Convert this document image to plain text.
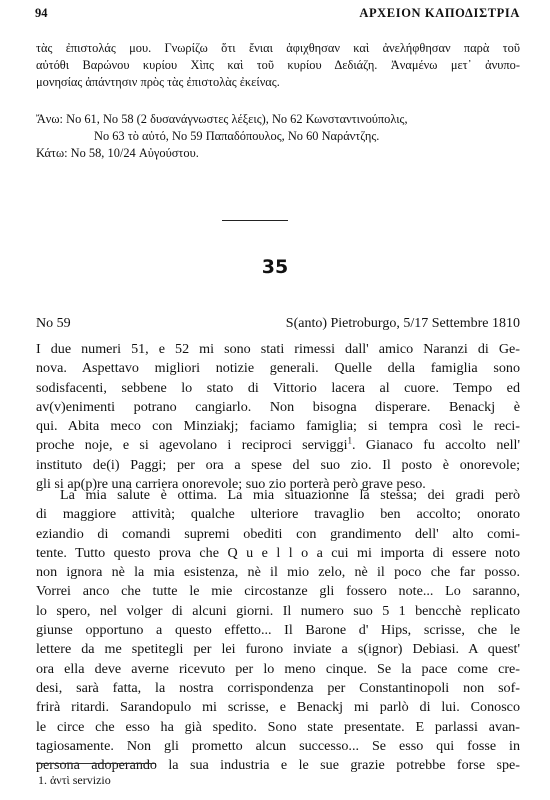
94	ΑΡΧΕΙΟΝ ΚΑΠΟΔΙΣΤΡΙΑ
τὰς ἐπιστολάς μου. Γνωρίζω ὅτι ἔνιαι ἀφιχθησαν καὶ ἀνελήφθησαν παρὰ τοῦ
αὐτόθι Βαρώνου κυρίου Χὶπς καὶ τοῦ κυρίου Δεδιάζη. Ἀναμένω μετ᾽ ἀνυπο-
μονησίας ἀπάντησιν πρὸς τὰς ἐπιστολὰς ἐκείνας.
Ἄνω: No 61, No 58 (2 δυσανάγνωστες λέξεις), No 62 Κωνσταντινούπολις,
No 63 τὸ αὐτό, No 59 Παπαδόπουλος, No 60 Ναράντζης.
Κάτω: No 58, 10/24 Αὐγούστου.
35
No 59	S(anto) Pietroburgo, 5/17 Settembre 1810
I due numeri 51, e 52 mi sono stati rimessi dall' amico Naranzi di Ge-
nova. Aspettavo migliori notizie generali. Quelle della famiglia sono
sodisfacenti, sebbene lo stato di Vittorio lacera al cuore. Tempo ed
av(v)enimenti potrano cangiarlo. Non bisogna disperare. Benackj è
qui. Abita meco con Minziakj; faciamo famiglia; si tempra così le reci-
proche noje, e si agevolano i reciproci serviggi$^1$. Gianaco fu accolto nell'
instituto de(i) Paggi; per ora a spese del suo zio. Il posto è onorevole;
gli si ap(p)re una carriera onorevole; suo zio porterà però grave peso.
La mia salute è ottima. La mia situazionne la stessa; dei gradi però
di maggiore attività; qualche ulteriore travaglio ben accolto; onorato
eziandio di comandi supremi obediti con grandimento dell' alto comi-
tente. Tutto questo prova che Q u e l l o a cui mi importa di essere noto
non ignora nè la mia esistenza, nè il mio zelo, nè il poco che far posso.
Vorrei anco che tutte le mie circostanze gli fossero note... Lo saranno,
lo spero, nel volger di alcuni giorni. Il numero suo 5 1 bencchè replicato
giunse opportuno a questo effetto... Il Barone d' Hips, scrisse, che le
lettere da me spetitegli per lei furono inviate a s(ignor) Debiasi. A quest'
ora ella deve averne ricevuto per lo meno cinque. Se la pace come cre-
desi, sarà fatta, la nostra corrispondenza per Constantinopoli non sof-
frirà ritardi. Sarandopulo mi scrisse, e Benackj mi parlò di lui. Conosco
le circe che esso ha già spedito. Sono state presentate. E parlassi avan-
tagiosamente. Non gli prometto alcun successo... Se esso qui fosse in
persona adoperando la sua industria e le sue grazie potrebbe forse spe-
1. ἀντὶ servizio
